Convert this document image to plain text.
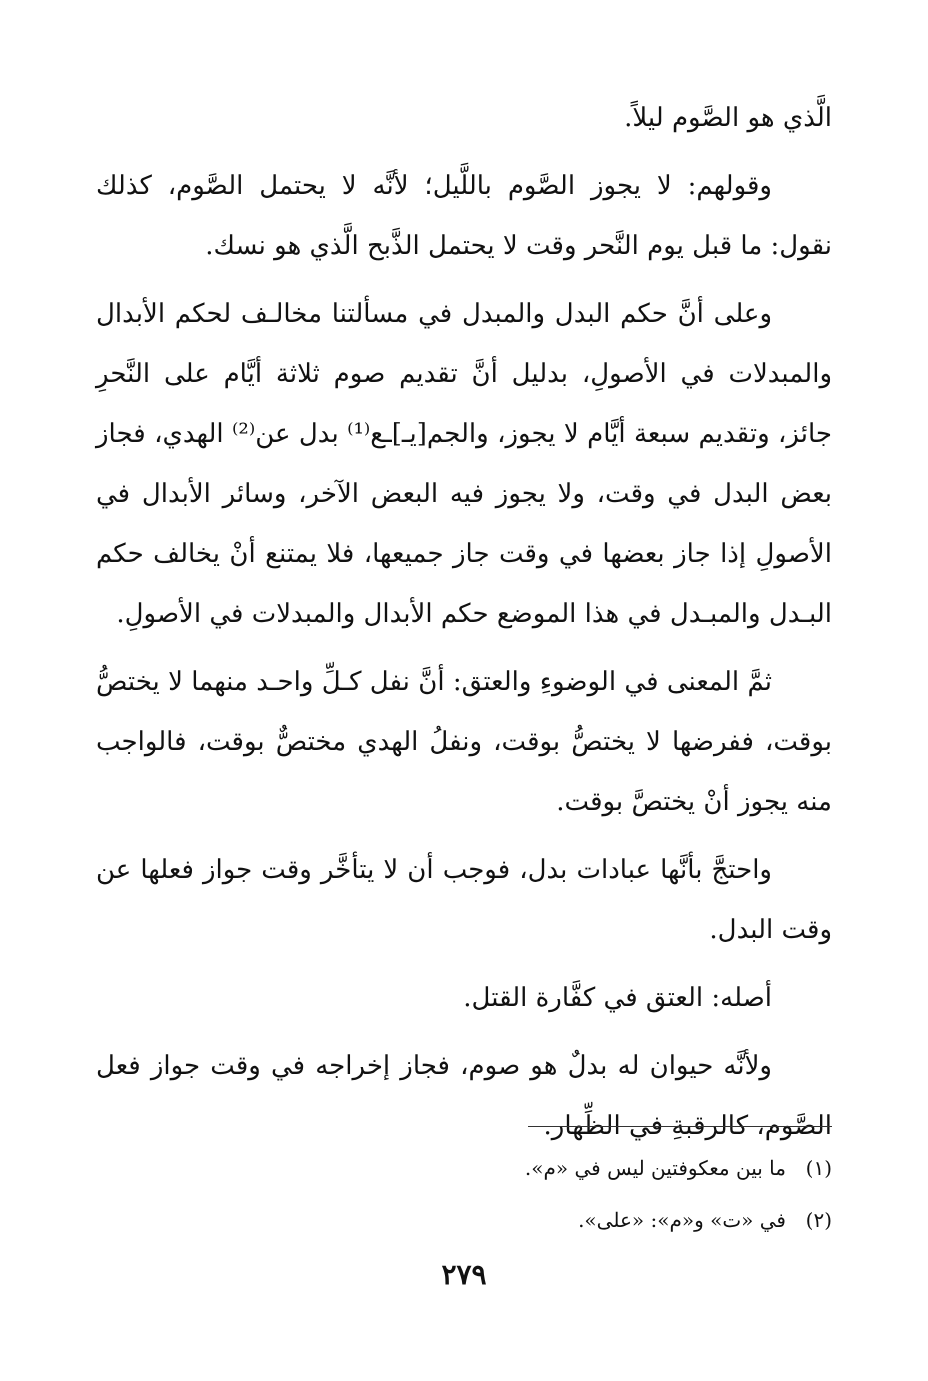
الَّذي هو الصَّوم ليلاً.

وقولهم: لا يجوز الصَّوم باللَّيل؛ لأنَّه لا يحتمل الصَّوم، كذلك نقول: ما قبل يوم النَّحر وقت لا يحتمل الذَّبح الَّذي هو نسك.

وعلى أنَّ حكم البدل والمبدل في مسألتنا مخالـف لحكم الأبدال والمبدلات في الأصولِ، بدليل أنَّ تقديم صوم ثلاثة أيَّام على النَّحرِ جائز، وتقديم سبعة أيَّام لا يجوز، والجم[يـ]ـع⁽¹⁾ بدل عن⁽²⁾ الهدي، فجاز بعض البدل في وقت، ولا يجوز فيه البعض الآخر، وسائر الأبدال في الأصولِ إذا جاز بعضها في وقت جاز جميعها، فلا يمتنع أنْ يخالف حكم البـدل والمبـدل في هذا الموضع حكم الأبدال والمبدلات في الأصولِ.

ثمَّ المعنى في الوضوءِ والعتق: أنَّ نفل كـلِّ واحـد منهما لا يختصُّ بوقت، ففرضها لا يختصُّ بوقت، ونفلُ الهدي مختصٌّ بوقت، فالواجب منه يجوز أنْ يختصَّ بوقت.

واحتجَّ بأنَّها عبادات بدل، فوجب أن لا يتأخَّر وقت جواز فعلها عن وقت البدل.

أصله: العتق في كفَّارة القتل.

ولأنَّه حيوان له بدلٌ هو صوم، فجاز إخراجه في وقت جواز فعل الصَّوم، كالرقبةِ في الظِّهار.

(١)ما بين معكوفتين ليس في «م».
(٢)في «ت» و«م»: «على».
٢٧٩
